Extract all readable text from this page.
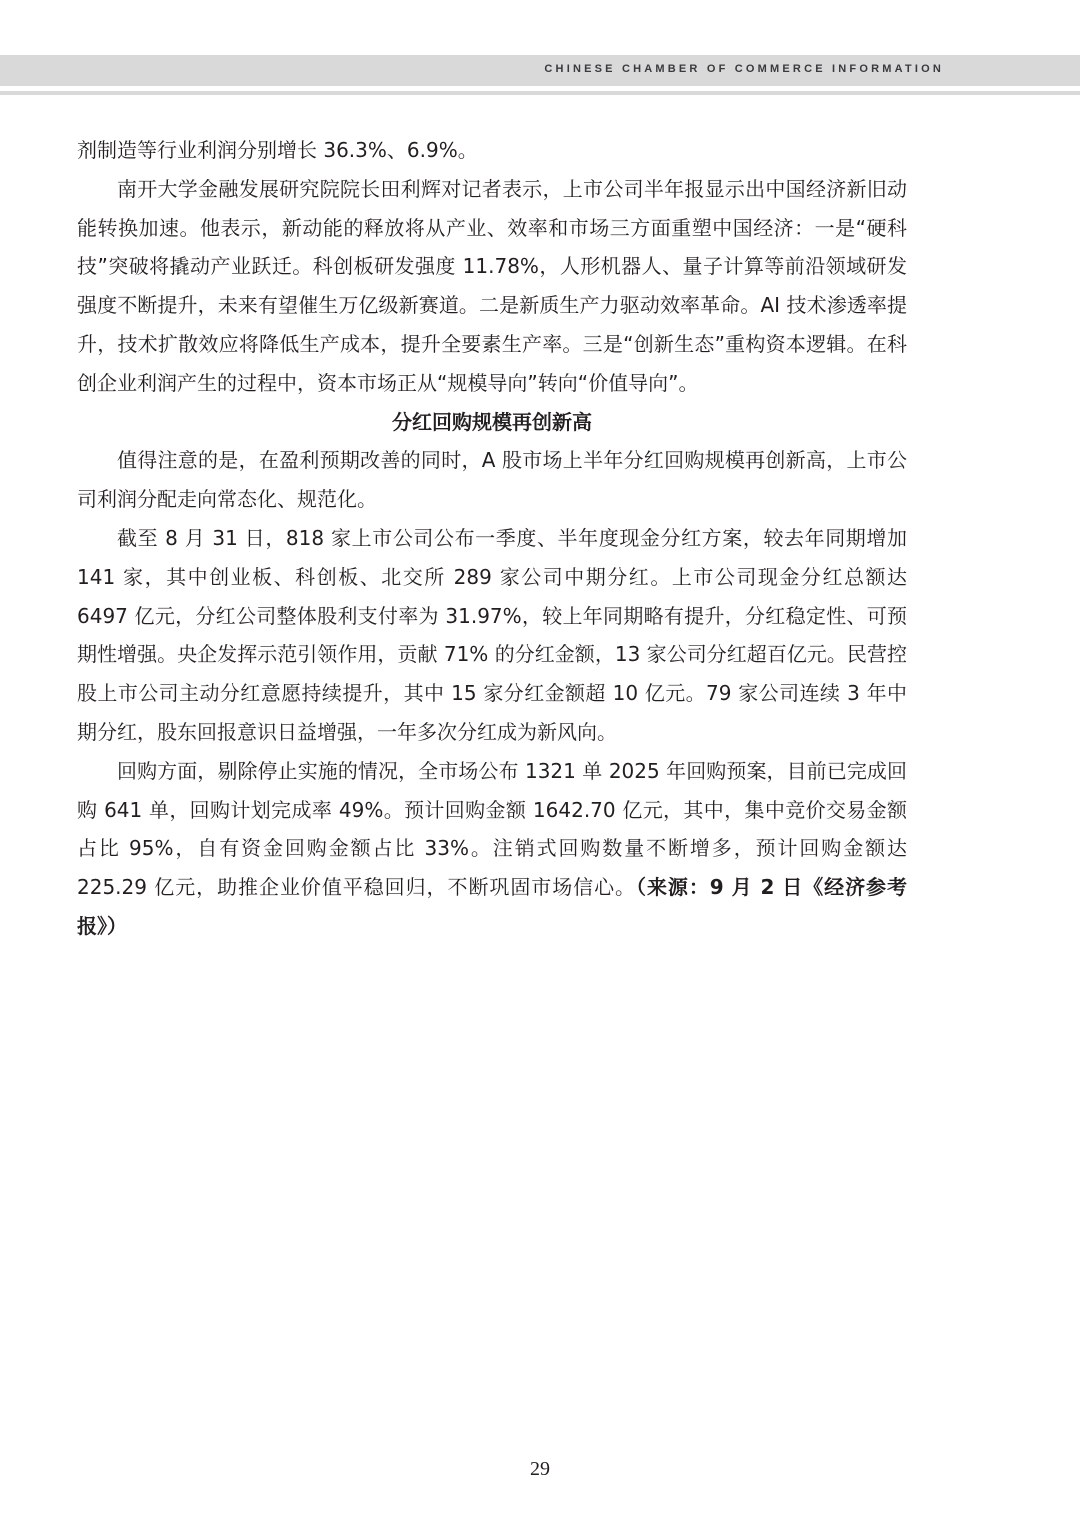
CHINESE CHAMBER OF COMMERCE INFORMATION

剂制造等行业利润分别增长 36.3%、6.9%。

南开大学金融发展研究院院长田利辉对记者表示，上市公司半年报显示出中国经济新旧动能转换加速。他表示，新动能的释放将从产业、效率和市场三方面重塑中国经济：一是“硬科技”突破将撬动产业跃迁。科创板研发强度 11.78%，人形机器人、量子计算等前沿领域研发强度不断提升，未来有望催生万亿级新赛道。二是新质生产力驱动效率革命。AI 技术渗透率提升，技术扩散效应将降低生产成本，提升全要素生产率。三是“创新生态”重构资本逻辑。在科创企业利润产生的过程中，资本市场正从“规模导向”转向“价值导向”。

分红回购规模再创新高

值得注意的是，在盈利预期改善的同时，A 股市场上半年分红回购规模再创新高，上市公司利润分配走向常态化、规范化。

截至 8 月 31 日，818 家上市公司公布一季度、半年度现金分红方案，较去年同期增加 141 家，其中创业板、科创板、北交所 289 家公司中期分红。上市公司现金分红总额达 6497 亿元，分红公司整体股利支付率为 31.97%，较上年同期略有提升，分红稳定性、可预期性增强。央企发挥示范引领作用，贡献 71% 的分红金额，13 家公司分红超百亿元。民营控股上市公司主动分红意愿持续提升，其中 15 家分红金额超 10 亿元。79 家公司连续 3 年中期分红，股东回报意识日益增强，一年多次分红成为新风向。

回购方面，剔除停止实施的情况，全市场公布 1321 单 2025 年回购预案，目前已完成回购 641 单，回购计划完成率 49%。预计回购金额 1642.70 亿元，其中，集中竞价交易金额占比 95%，自有资金回购金额占比 33%。注销式回购数量不断增多，预计回购金额达 225.29 亿元，助推企业价值平稳回归，不断巩固市场信心。（来源：9 月 2 日《经济参考报》）

29
